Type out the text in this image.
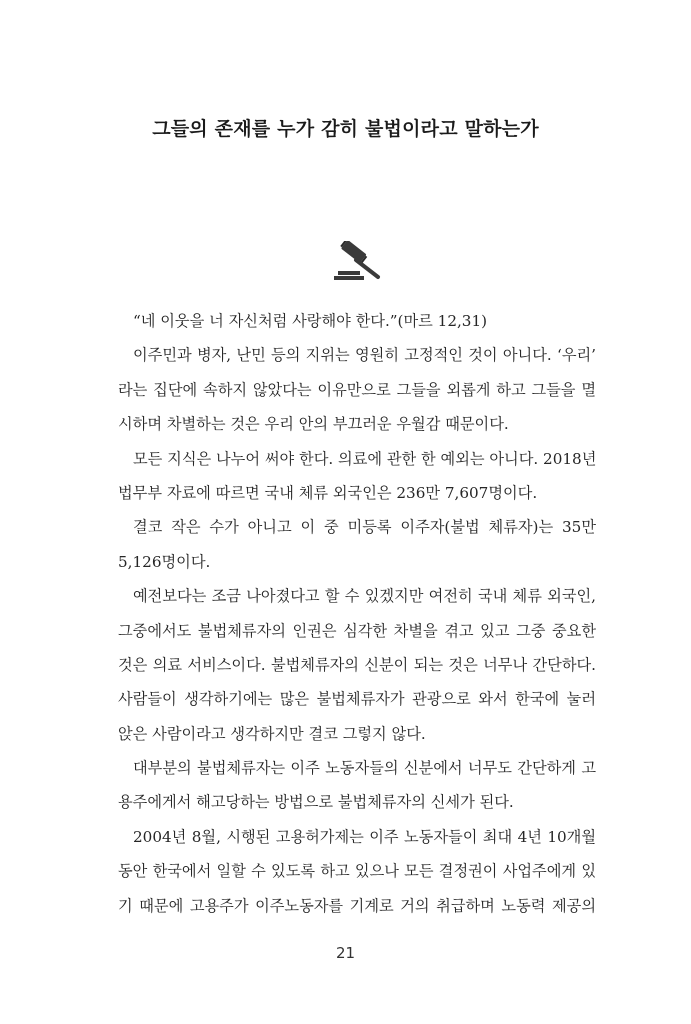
그들의 존재를 누가 감히 불법이라고 말하는가
“네 이웃을 너 자신처럼 사랑해야 한다.”(마르 12,31)
이주민과 병자, 난민 등의 지위는 영원히 고정적인 것이 아니다. ‘우리’
라는 집단에 속하지 않았다는 이유만으로 그들을 외롭게 하고 그들을 멸
시하며 차별하는 것은 우리 안의 부끄러운 우월감 때문이다.
모든 지식은 나누어 써야 한다. 의료에 관한 한 예외는 아니다. 2018년
법무부 자료에 따르면 국내 체류 외국인은 236만 7,607명이다.
결코 작은 수가 아니고 이 중 미등록 이주자(불법 체류자)는 35만
5,126명이다.
예전보다는 조금 나아졌다고 할 수 있겠지만 여전히 국내 체류 외국인,
그중에서도 불법체류자의 인권은 심각한 차별을 겪고 있고 그중 중요한
것은 의료 서비스이다. 불법체류자의 신분이 되는 것은 너무나 간단하다.
사람들이 생각하기에는 많은 불법체류자가 관광으로 와서 한국에 눌러
앉은 사람이라고 생각하지만 결코 그렇지 않다.
대부분의 불법체류자는 이주 노동자들의 신분에서 너무도 간단하게 고
용주에게서 해고당하는 방법으로 불법체류자의 신세가 된다.
2004년 8월, 시행된 고용허가제는 이주 노동자들이 최대 4년 10개월
동안 한국에서 일할 수 있도록 하고 있으나 모든 결정권이 사업주에게 있
기 때문에 고용주가 이주노동자를 기계로 거의 취급하며 노동력 제공의
21
